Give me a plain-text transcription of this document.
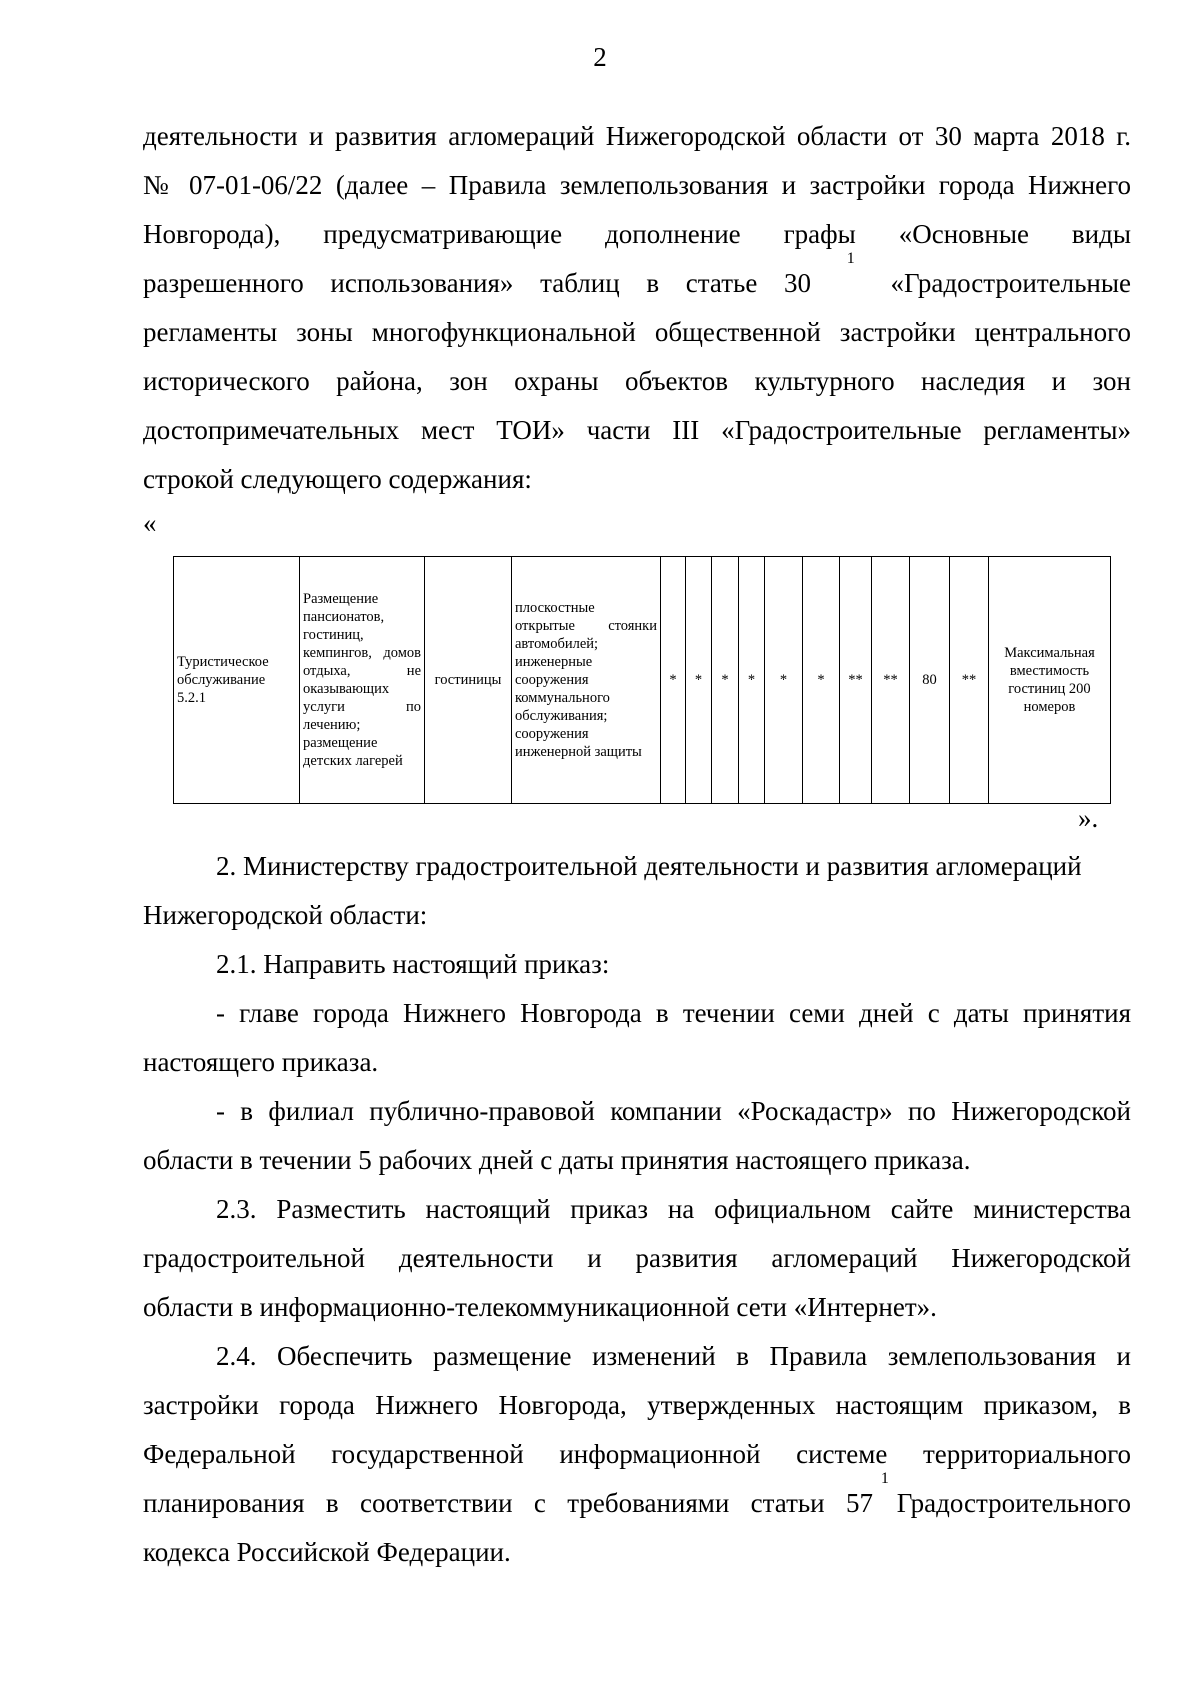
2
деятельности и развития агломераций Нижегородской области от 30 марта 2018 г.
№ 07-01-06/22 (далее – Правила землепользования и застройки города Нижнего
Новгорода), предусматривающие дополнение графы «Основные виды
разрешенного использования» таблиц в статье 30
1
«Градостроительные
регламенты зоны многофункциональной общественной застройки центрального
исторического района, зон охраны объектов культурного наследия и зон
достопримечательных мест ТОИ» части III «Градостроительные регламенты»
строкой следующего содержания:
«
Туристическое обслуживание 5.2.1	Размещение пансионатов, гостиниц, кемпингов, домов отдыха, не оказывающих услуги по лечению; размещение детских лагерей	гостиницы	плоскостные открытые стоянки автомобилей; инженерные сооружения коммунального обслуживания; сооружения инженерной защиты	*	*	*	*	*	*	**	**	80	**	Максимальная вместимость гостиниц 200 номеров
».
2. Министерству градостроительной деятельности и развития агломераций
Нижегородской области:
2.1. Направить настоящий приказ:
- главе города Нижнего Новгорода в течении семи дней с даты принятия
настоящего приказа.
- в филиал публично-правовой компании «Роскадастр» по Нижегородской
области в течении 5 рабочих дней с даты принятия настоящего приказа.
2.3. Разместить настоящий приказ на официальном сайте министерства
градостроительной деятельности и развития агломераций Нижегородской
области в информационно-телекоммуникационной сети «Интернет».
2.4. Обеспечить размещение изменений в Правила землепользования и
застройки города Нижнего Новгорода, утвержденных настоящим приказом, в
Федеральной государственной информационной системе территориального
планирования в соответствии с требованиями статьи 57
1
Градостроительного
кодекса Российской Федерации.
